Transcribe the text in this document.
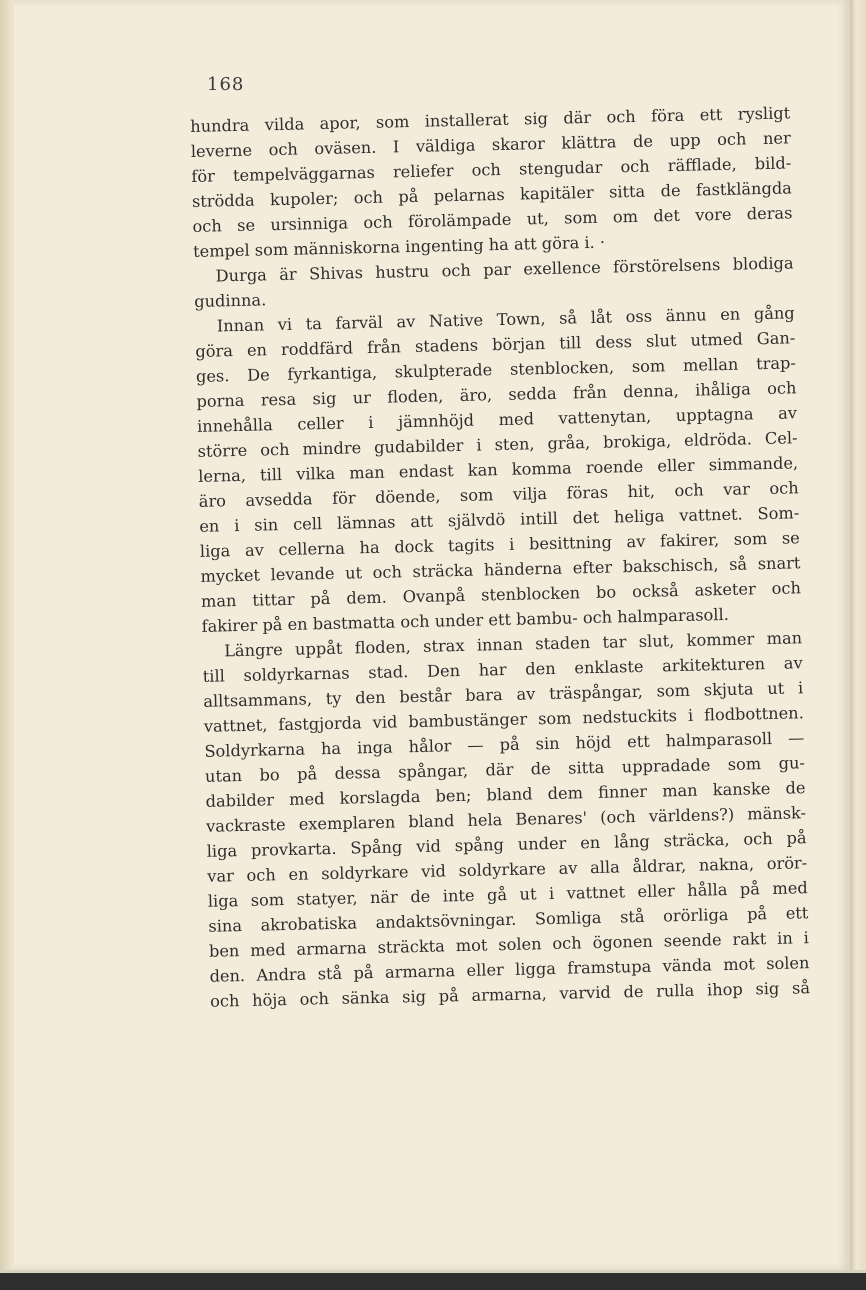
168
hundra vilda apor, som installerat sig där och föra ett rysligt
leverne och oväsen. I väldiga skaror klättra de upp och ner
för tempelväggarnas reliefer och stengudar och räfflade, bild-
strödda kupoler; och på pelarnas kapitäler sitta de fastklängda
och se ursinniga och förolämpade ut, som om det vore deras
tempel som människorna ingenting ha att göra i. ·
Durga är Shivas hustru och par exellence förstörelsens blodiga
gudinna.
Innan vi ta farväl av Native Town, så låt oss ännu en gång
göra en roddfärd från stadens början till dess slut utmed Gan-
ges. De fyrkantiga, skulpterade stenblocken, som mellan trap-
porna resa sig ur floden, äro, sedda från denna, ihåliga och
innehålla celler i jämnhöjd med vattenytan, upptagna av
större och mindre gudabilder i sten, gråa, brokiga, eldröda. Cel-
lerna, till vilka man endast kan komma roende eller simmande,
äro avsedda för döende, som vilja föras hit, och var och
en i sin cell lämnas att självdö intill det heliga vattnet. Som-
liga av cellerna ha dock tagits i besittning av fakirer, som se
mycket levande ut och sträcka händerna efter bakschisch, så snart
man tittar på dem. Ovanpå stenblocken bo också asketer och
fakirer på en bastmatta och under ett bambu- och halmparasoll.
Längre uppåt floden, strax innan staden tar slut, kommer man
till soldyrkarnas stad. Den har den enklaste arkitekturen av
alltsammans, ty den består bara av träspångar, som skjuta ut i
vattnet, fastgjorda vid bambustänger som nedstuckits i flodbottnen.
Soldyrkarna ha inga hålor — på sin höjd ett halmparasoll —
utan bo på dessa spångar, där de sitta uppradade som gu-
dabilder med korslagda ben; bland dem finner man kanske de
vackraste exemplaren bland hela Benares' (och världens?) mänsk-
liga provkarta. Spång vid spång under en lång sträcka, och på
var och en soldyrkare vid soldyrkare av alla åldrar, nakna, orör-
liga som statyer, när de inte gå ut i vattnet eller hålla på med
sina akrobatiska andaktsövningar. Somliga stå orörliga på ett
ben med armarna sträckta mot solen och ögonen seende rakt in i
den. Andra stå på armarna eller ligga framstupa vända mot solen
och höja och sänka sig på armarna, varvid de rulla ihop sig så
